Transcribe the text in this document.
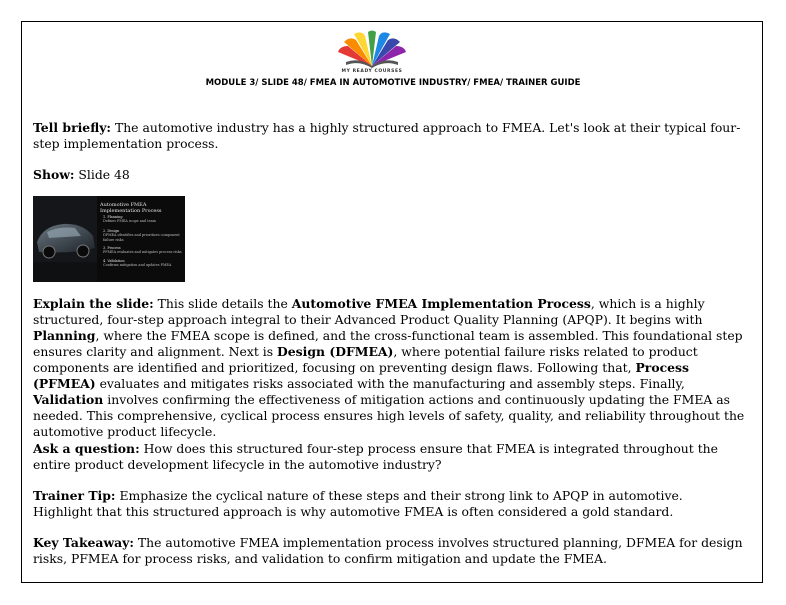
MY READY COURSES
MODULE 3/ SLIDE 48/ FMEA IN AUTOMOTIVE INDUSTRY/ FMEA/ TRAINER GUIDE

Tell briefly: The automotive industry has a highly structured approach to FMEA. Let's look at their typical four-step implementation process.

Show: Slide 48

Automotive FMEA Implementation Process
1. Planning
Defines FMEA scope and team
2. Design
DFMEA identifies and prioritizes component failure risks
3. Process
PFMEA evaluates and mitigates process risks
4. Validation
Confirms mitigation and updates FMEA

Explain the slide: This slide details the Automotive FMEA Implementation Process, which is a highly structured, four-step approach integral to their Advanced Product Quality Planning (APQP). It begins with Planning, where the FMEA scope is defined, and the cross-functional team is assembled. This foundational step ensures clarity and alignment. Next is Design (DFMEA), where potential failure risks related to product components are identified and prioritized, focusing on preventing design flaws. Following that, Process (PFMEA) evaluates and mitigates risks associated with the manufacturing and assembly steps. Finally, Validation involves confirming the effectiveness of mitigation actions and continuously updating the FMEA as needed. This comprehensive, cyclical process ensures high levels of safety, quality, and reliability throughout the automotive product lifecycle.

Ask a question: How does this structured four-step process ensure that FMEA is integrated throughout the entire product development lifecycle in the automotive industry?

Trainer Tip: Emphasize the cyclical nature of these steps and their strong link to APQP in automotive. Highlight that this structured approach is why automotive FMEA is often considered a gold standard.

Key Takeaway: The automotive FMEA implementation process involves structured planning, DFMEA for design risks, PFMEA for process risks, and validation to confirm mitigation and update the FMEA.
